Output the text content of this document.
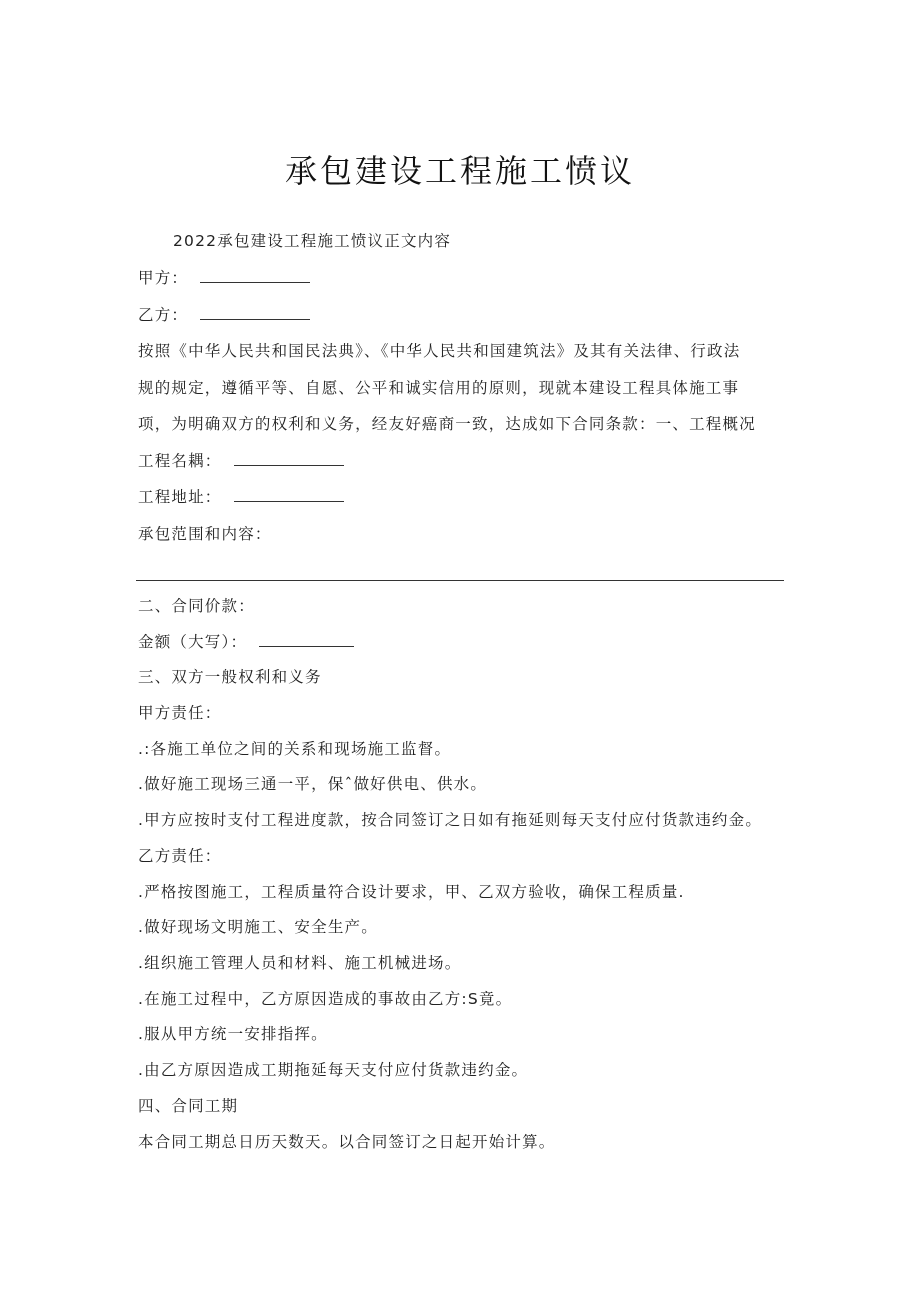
承包建设工程施工愤议
2022承包建设工程施工愤议正文内容
甲方：
乙方：
按照《中华人民共和国民法典》、《中华人民共和国建筑法》及其有关法律、行政法
规的规定，遵循平等、自愿、公平和诚实信用的原则，现就本建设工程具体施工事
项，为明确双方的权利和义务，经友好癌商一致，达成如下合同条款：一、工程概况
工程名耦：
工程地址：
承包范围和内容：
二、合同价款：
金额（大写）：
三、双方一般权利和义务
甲方责任：
.:各施工单位之间的关系和现场施工监督。
.做好施工现场三通一平，保ˆ做好供电、供水。
.甲方应按时支付工程进度款，按合同签订之日如有拖延则每天支付应付货款违约金。
乙方责任：
.严格按图施工，工程质量符合设计要求，甲、乙双方验收，确保工程质量.
.做好现场文明施工、安全生产。
.组织施工管理人员和材料、施工机械进场。
.在施工过程中，乙方原因造成的事故由乙方:S竟。
.服从甲方统一安排指挥。
.由乙方原因造成工期拖延每天支付应付货款违约金。
四、合同工期
本合同工期总日历天数天。以合同签订之日起开始计算。
